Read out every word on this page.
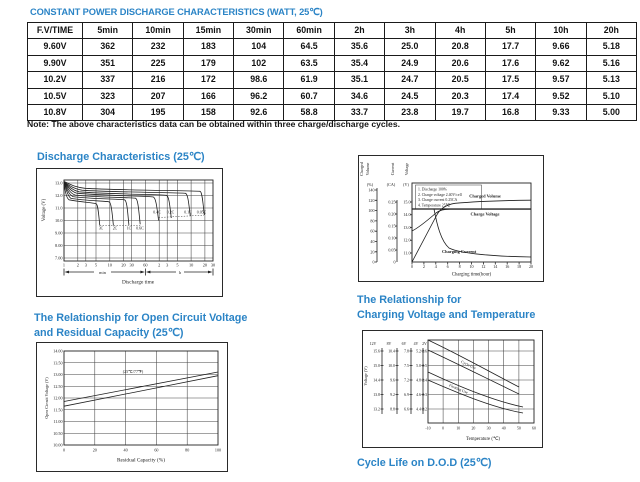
CONSTANT POWER DISCHARGE CHARACTERISTICS (WATT, 25℃)
F.V/TIME	5min	10min	15min	30min	60min	2h	3h	4h	5h	10h	20h
9.60V	362	232	183	104	64.5	35.6	25.0	20.8	17.7	9.66	5.18
9.90V	351	225	179	102	63.5	35.4	24.9	20.6	17.6	9.62	5.16
10.2V	337	216	172	98.6	61.9	35.1	24.7	20.5	17.5	9.57	5.13
10.5V	323	207	166	96.2	60.7	34.6	24.5	20.3	17.4	9.52	5.10
10.8V	304	195	158	92.6	58.8	33.7	23.8	19.7	16.8	9.33	5.00
Note: The above characteristics data can be obtained within three charge/discharge cycles.
Discharge Characteristics (25℃)
Voltage (V)
13.0
12.0
11.0
10.0
9.00
8.00
7.00
1	2 3 5 10 20 30 60 2 3 5 10 20 30
3C 2C 1C 0.6C
0.4C 0.2C	0.1C 0.05C
min	h
Discharge time
Charged Volume	Current Voltage
(%)	(CA) (V)
140
120
100
80
60
40
20
0
0.25
0.20
0.15
0.10
0.05
0
15.0
14.0
13.0
12.0
11.0
0 2 4 6 8 10 12 14 16 18 20
Charging time(hour)
1. Discharge 100%
2. Charge voltage 2.40V/cell
3. Charge current 0.25CA
4. Temperature 25℃
Charged Volume
Charge Voltage
Charging Current
The Relationship for Open Circuit Voltage
and Residual Capacity (25℃)
Open Circuit Voltage (V)
14.00
13.50
13.00
12.50
12.00
11.50
11.00
10.50
10.00
0	20	40	60	80	100
Residual Capacity (%)
(25℃/77℉)
The Relationship for
Charging Voltage and Temperature
Voltage (V)
12V	8V	6V 4V 2V
15.6
15.0
14.4
13.8
13.2
10.4
10.0
9.6
9.2
8.8
7.8
7.5
7.2
6.9
6.6
5.2
5.0
4.8
4.6
4.4
2.6
2.5
2.4
2.3
2.2
-10	0	10	20	30	40	50	60
Temperature (℃)
Cycle Use
Floating Use
Cycle Life on D.O.D (25℃)
